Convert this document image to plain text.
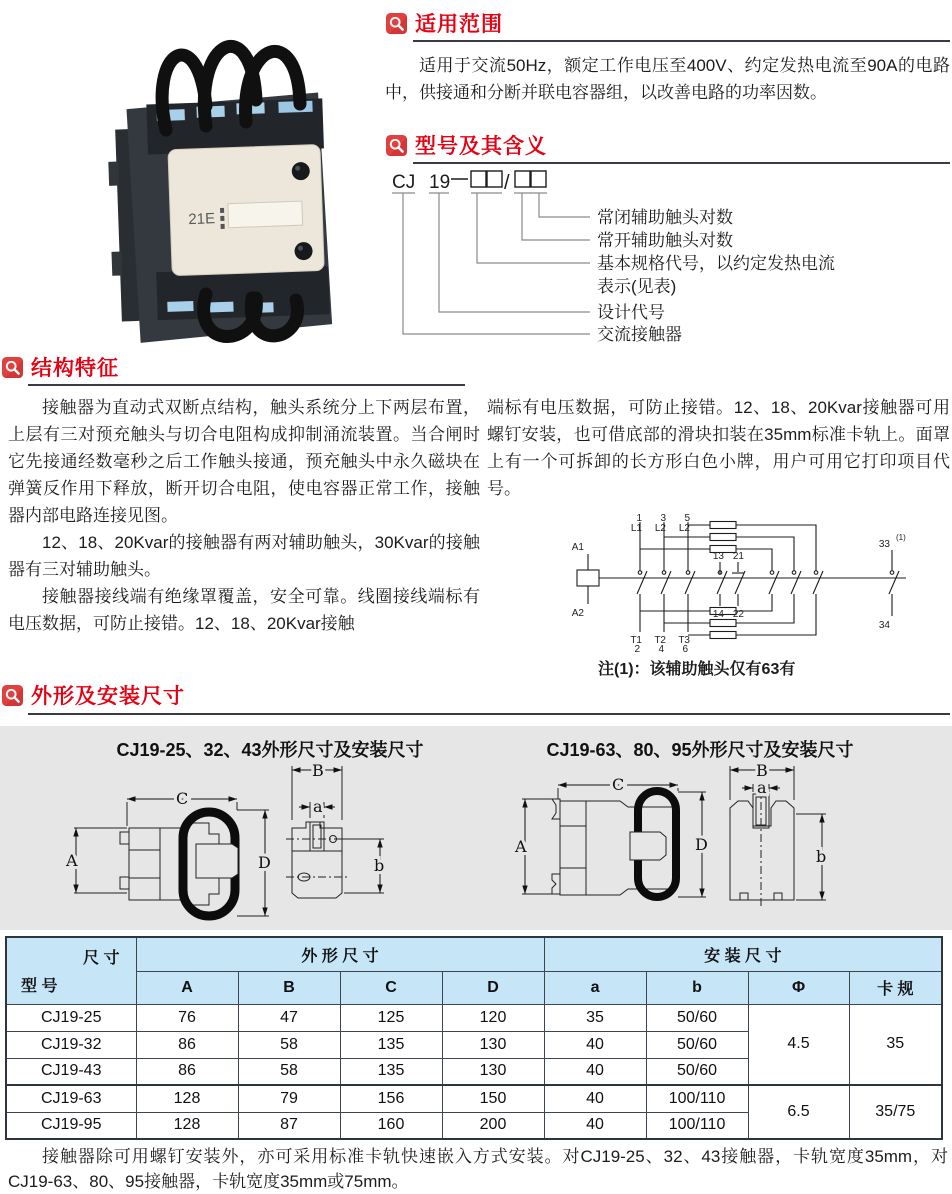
21E
适用范围
适用于交流50Hz，额定工作电压至400V、约定发热电流至90A的电路中，供接通和分断并联电容器组，以改善电路的功率因数。
型号及其含义
CJ 19	/
常闭辅助触头对数
常开辅助触头对数
基本规格代号，以约定发热电流
表示(见表)
设计代号
交流接触器
结构特征

接触器为直动式双断点结构，触头系统分上下两层布置，上层有三对预充触头与切合电阻构成抑制涌流装置。当合闸时它先接通经数毫秒之后工作触头接通，预充触头中永久磁块在弹簧反作用下释放，断开切合电阻，使电容器正常工作，接触器内部电路连接见图。

12、18、20Kvar的接触器有两对辅助触头，30Kvar的接触器有三对辅助触头。

接触器接线端有绝缘罩覆盖，安全可靠。线圈接线端标有电压数据，可防止接错。12、18、20Kvar接触

端标有电压数据，可防止接错。12、18、20Kvar接触器可用螺钉安装，也可借底部的滑块扣装在35mm标准卡轨上。面罩上有一个可拆卸的长方形白色小牌，用户可用它打印项目代号。

1
L1
3
L2
5
L2
A1
A2
13 21
14 22
33
34
T1
2
T2
4
T3
6
(1)
注(1)：该辅助触头仅有63有
外形及安装尺寸
CJ19-25、32、43外形尺寸及安装尺寸	CJ19-63、80、95外形尺寸及安装尺寸
C
A	D
B
a
b
C
A	D
B
a
b
尺 寸
型 号	外 形 尺 寸				安 装 尺 寸			
	A	B	C	D	a	b	Φ	卡 规
CJ19-25	76	47	125	120	35	50/60	4.5	35
CJ19-32	86	58	135	130	40	50/60		
CJ19-43	86	58	135	130	40	50/60		
CJ19-63	128	79	156	150	40	100/110	6.5	35/75
CJ19-95	128	87	160	200	40	100/110		
接触器除可用螺钉安装外，亦可采用标准卡轨快速嵌入方式安装。对CJ19-25、32、43接触器，卡轨宽度35mm，对CJ19-63、80、95接触器，卡轨宽度35mm或75mm。
